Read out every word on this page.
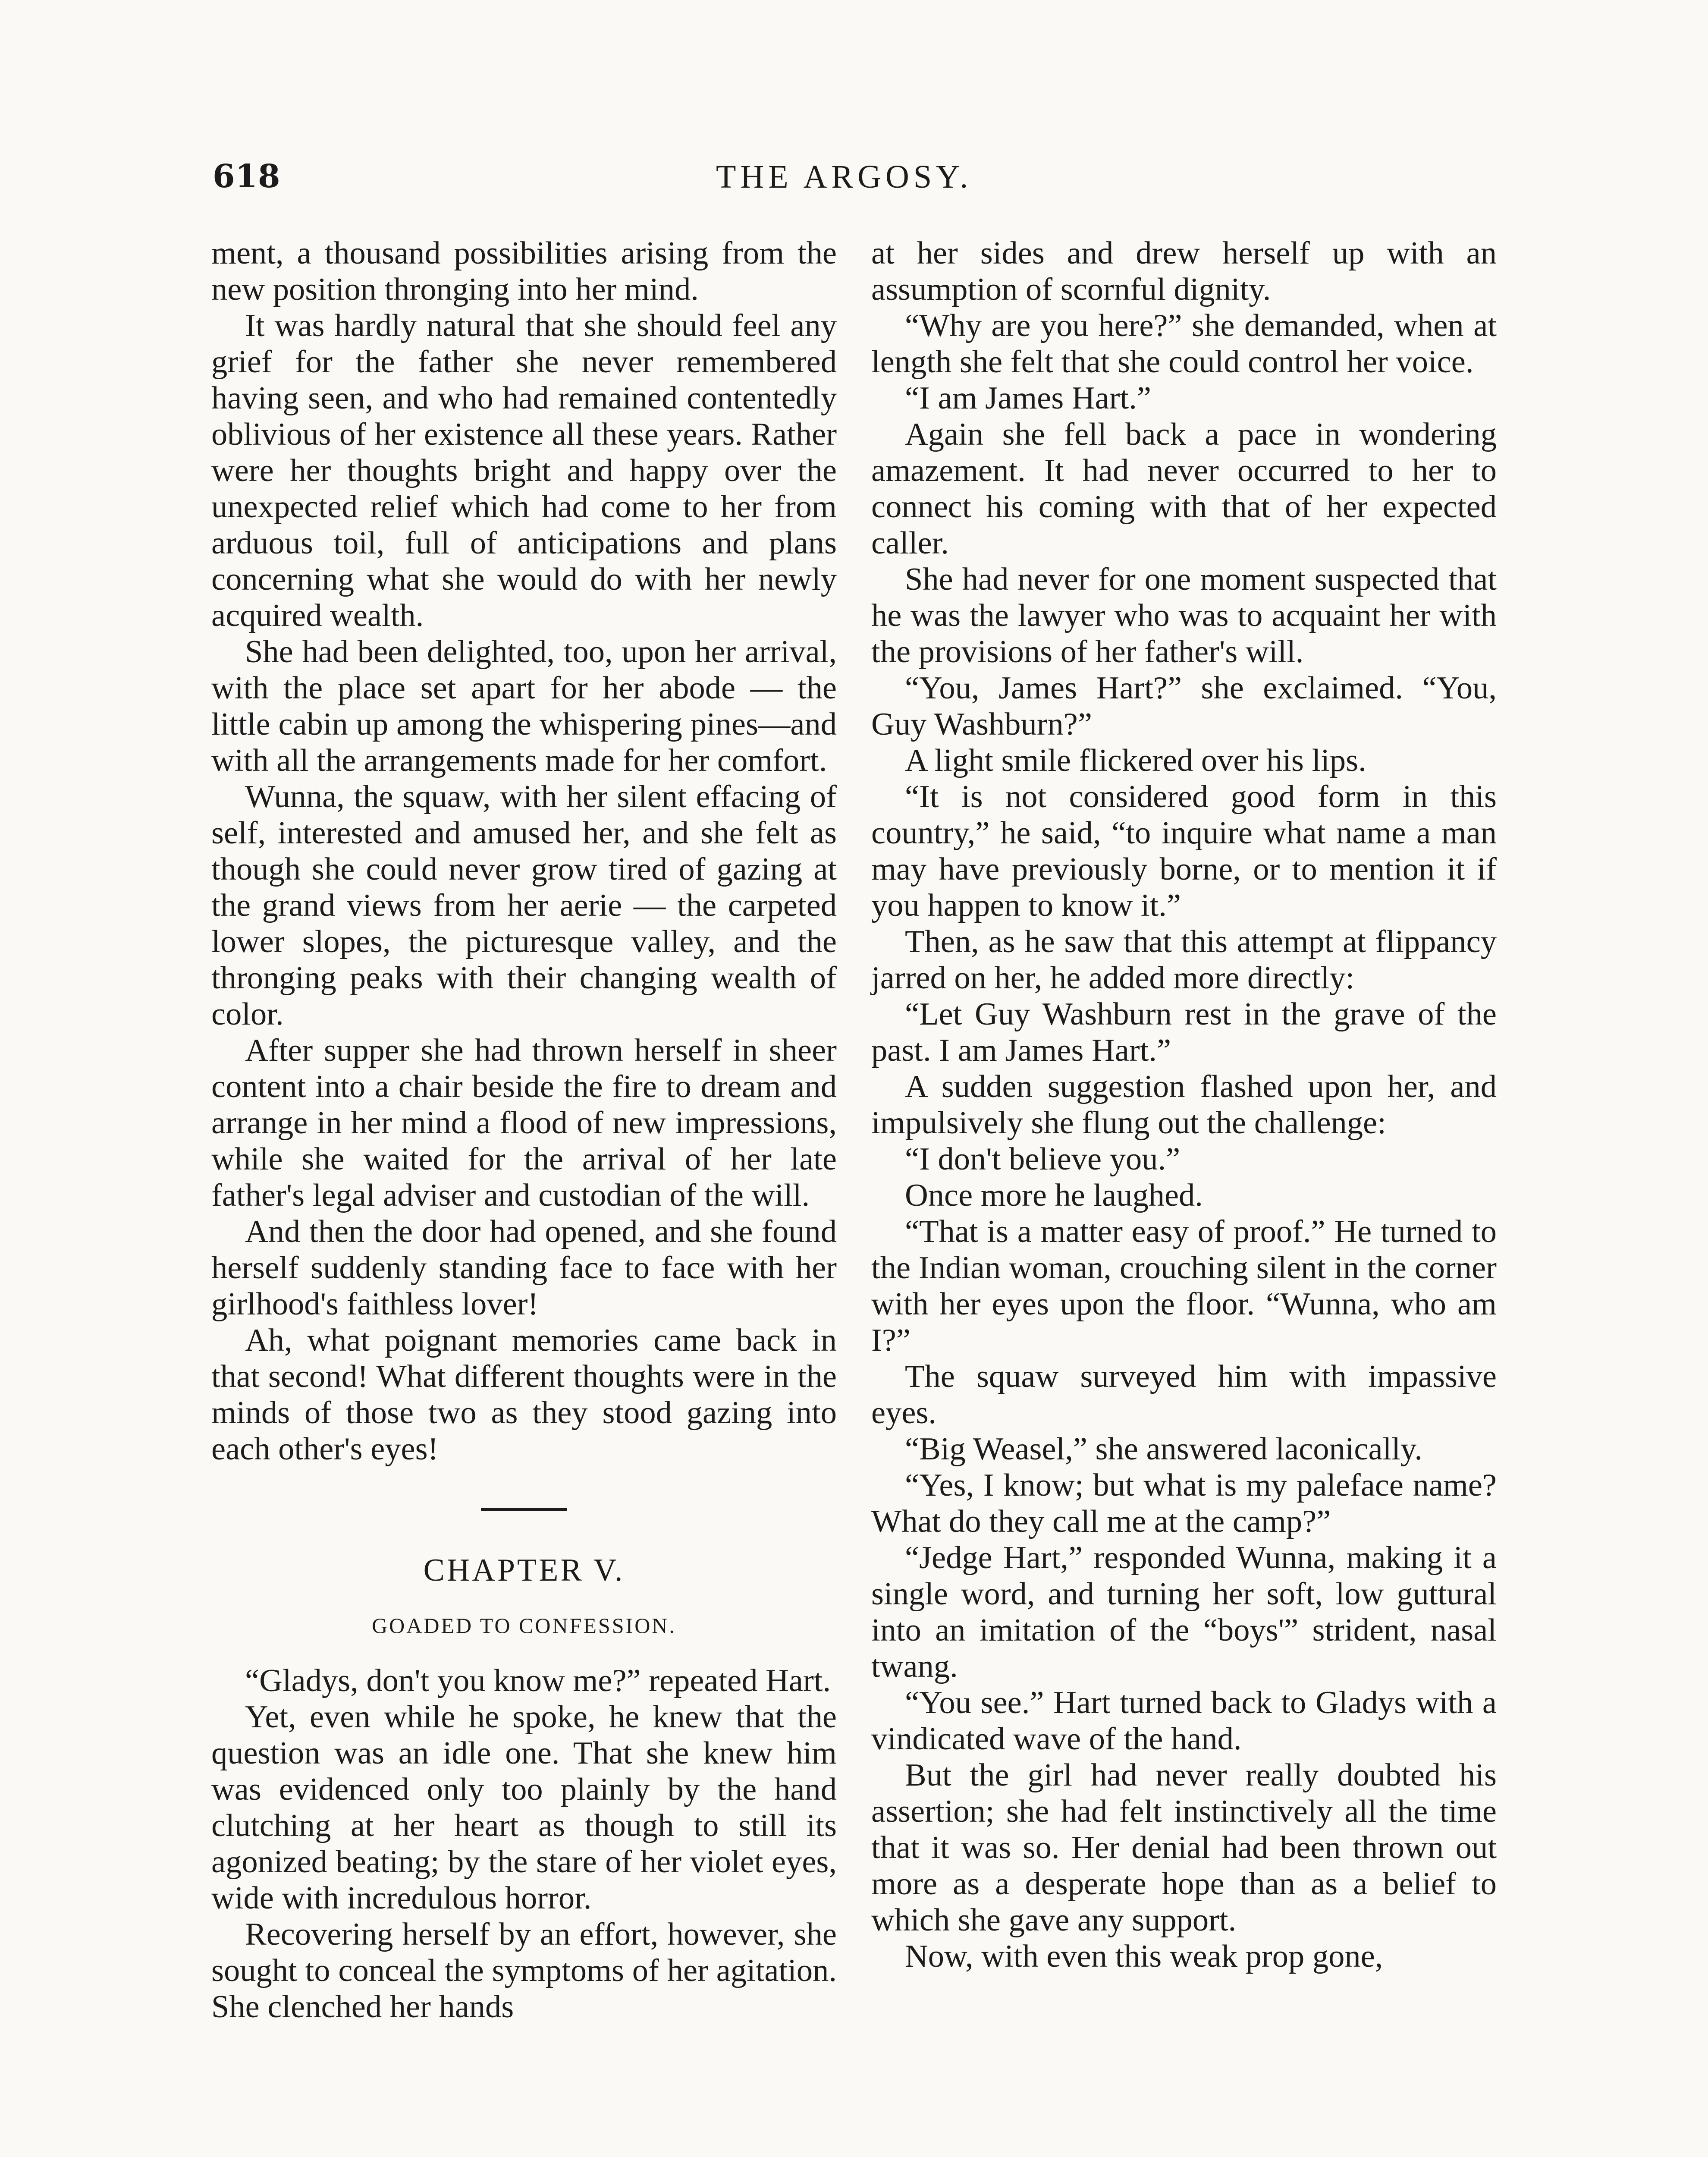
618	THE ARGOSY.

ment, a thousand possibilities arising from the new position thronging into her mind.

It was hardly natural that she should feel any grief for the father she never remembered having seen, and who had remained contentedly oblivious of her existence all these years. Rather were her thoughts bright and happy over the unexpected relief which had come to her from arduous toil, full of anticipations and plans concerning what she would do with her newly acquired wealth.

She had been delighted, too, upon her arrival, with the place set apart for her abode — the little cabin up among the whispering pines—and with all the arrangements made for her comfort.

Wunna, the squaw, with her silent effacing of self, interested and amused her, and she felt as though she could never grow tired of gazing at the grand views from her aerie — the carpeted lower slopes, the picturesque valley, and the thronging peaks with their changing wealth of color.

After supper she had thrown herself in sheer content into a chair beside the fire to dream and arrange in her mind a flood of new impressions, while she waited for the arrival of her late father's legal adviser and custodian of the will.

And then the door had opened, and she found herself suddenly standing face to face with her girlhood's faithless lover!

Ah, what poignant memories came back in that second! What different thoughts were in the minds of those two as they stood gazing into each other's eyes!

CHAPTER V.
GOADED TO CONFESSION.

“Gladys, don't you know me?” repeated Hart.

Yet, even while he spoke, he knew that the question was an idle one. That she knew him was evidenced only too plainly by the hand clutching at her heart as though to still its agonized beating; by the stare of her violet eyes, wide with incredulous horror.

Recovering herself by an effort, however, she sought to conceal the symptoms of her agitation. She clenched her hands

at her sides and drew herself up with an assumption of scornful dignity.

“Why are you here?” she demanded, when at length she felt that she could control her voice.

“I am James Hart.”

Again she fell back a pace in wondering amazement. It had never occurred to her to connect his coming with that of her expected caller.

She had never for one moment suspected that he was the lawyer who was to acquaint her with the provisions of her father's will.

“You, James Hart?” she exclaimed. “You, Guy Washburn?”

A light smile flickered over his lips.

“It is not considered good form in this country,” he said, “to inquire what name a man may have previously borne, or to mention it if you happen to know it.”

Then, as he saw that this attempt at flippancy jarred on her, he added more directly:

“Let Guy Washburn rest in the grave of the past. I am James Hart.”

A sudden suggestion flashed upon her, and impulsively she flung out the challenge:

“I don't believe you.”

Once more he laughed.

“That is a matter easy of proof.” He turned to the Indian woman, crouching silent in the corner with her eyes upon the floor. “Wunna, who am I?”

The squaw surveyed him with impassive eyes.

“Big Weasel,” she answered laconically.

“Yes, I know; but what is my paleface name? What do they call me at the camp?”

“Jedge Hart,” responded Wunna, making it a single word, and turning her soft, low guttural into an imitation of the “boys'” strident, nasal twang.

“You see.” Hart turned back to Gladys with a vindicated wave of the hand.

But the girl had never really doubted his assertion; she had felt instinctively all the time that it was so. Her denial had been thrown out more as a desperate hope than as a belief to which she gave any support.

Now, with even this weak prop gone,
